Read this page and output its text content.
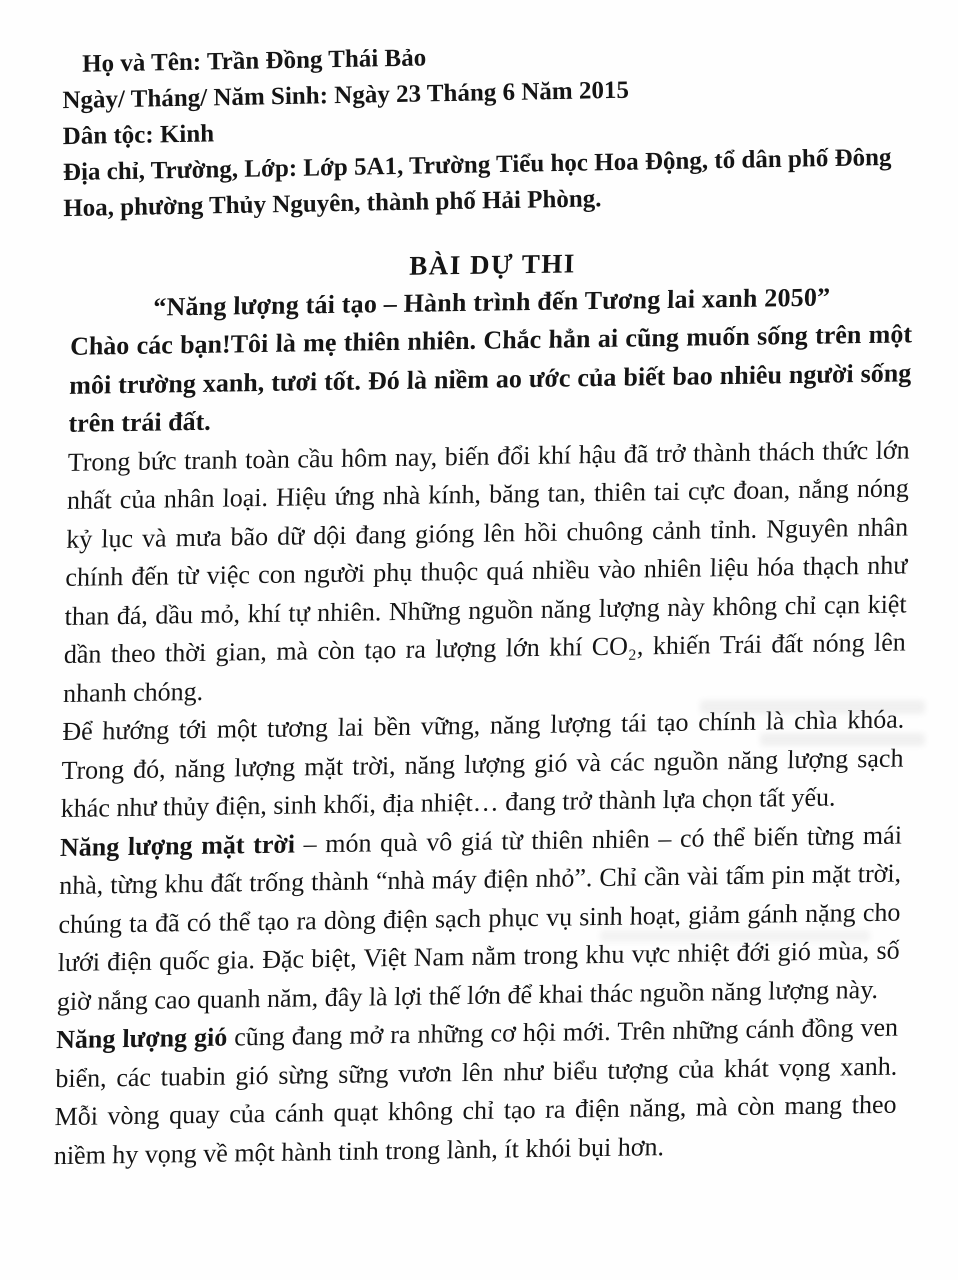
Họ và Tên: Trần Đồng Thái Bảo

Ngày/ Tháng/ Năm Sinh: Ngày 23 Tháng 6 Năm 2015

Dân tộc: Kinh

Địa chỉ, Trường, Lớp: Lớp 5A1, Trường Tiểu học Hoa Động, tổ dân phố Đông Hoa, phường Thủy Nguyên, thành phố Hải Phòng.

BÀI DỰ THI

“Năng lượng tái tạo – Hành trình đến Tương lai xanh 2050”

Chào các bạn!Tôi là mẹ thiên nhiên. Chắc hẳn ai cũng muốn sống trên một môi trường xanh, tươi tốt. Đó là niềm ao ước của biết bao nhiêu người sống trên trái đất.

Trong bức tranh toàn cầu hôm nay, biến đổi khí hậu đã trở thành thách thức lớn nhất của nhân loại. Hiệu ứng nhà kính, băng tan, thiên tai cực đoan, nắng nóng kỷ lục và mưa bão dữ dội đang gióng lên hồi chuông cảnh tỉnh. Nguyên nhân chính đến từ việc con người phụ thuộc quá nhiều vào nhiên liệu hóa thạch như than đá, dầu mỏ, khí tự nhiên. Những nguồn năng lượng này không chỉ cạn kiệt dần theo thời gian, mà còn tạo ra lượng lớn khí CO₂, khiến Trái đất nóng lên nhanh chóng.

Để hướng tới một tương lai bền vững, năng lượng tái tạo chính là chìa khóa. Trong đó, năng lượng mặt trời, năng lượng gió và các nguồn năng lượng sạch khác như thủy điện, sinh khối, địa nhiệt… đang trở thành lựa chọn tất yếu.

Năng lượng mặt trời – món quà vô giá từ thiên nhiên – có thể biến từng mái nhà, từng khu đất trống thành “nhà máy điện nhỏ”. Chỉ cần vài tấm pin mặt trời, chúng ta đã có thể tạo ra dòng điện sạch phục vụ sinh hoạt, giảm gánh nặng cho lưới điện quốc gia. Đặc biệt, Việt Nam nằm trong khu vực nhiệt đới gió mùa, số giờ nắng cao quanh năm, đây là lợi thế lớn để khai thác nguồn năng lượng này.

Năng lượng gió cũng đang mở ra những cơ hội mới. Trên những cánh đồng ven biển, các tuabin gió sừng sững vươn lên như biểu tượng của khát vọng xanh. Mỗi vòng quay của cánh quạt không chỉ tạo ra điện năng, mà còn mang theo niềm hy vọng về một hành tinh trong lành, ít khói bụi hơn.
